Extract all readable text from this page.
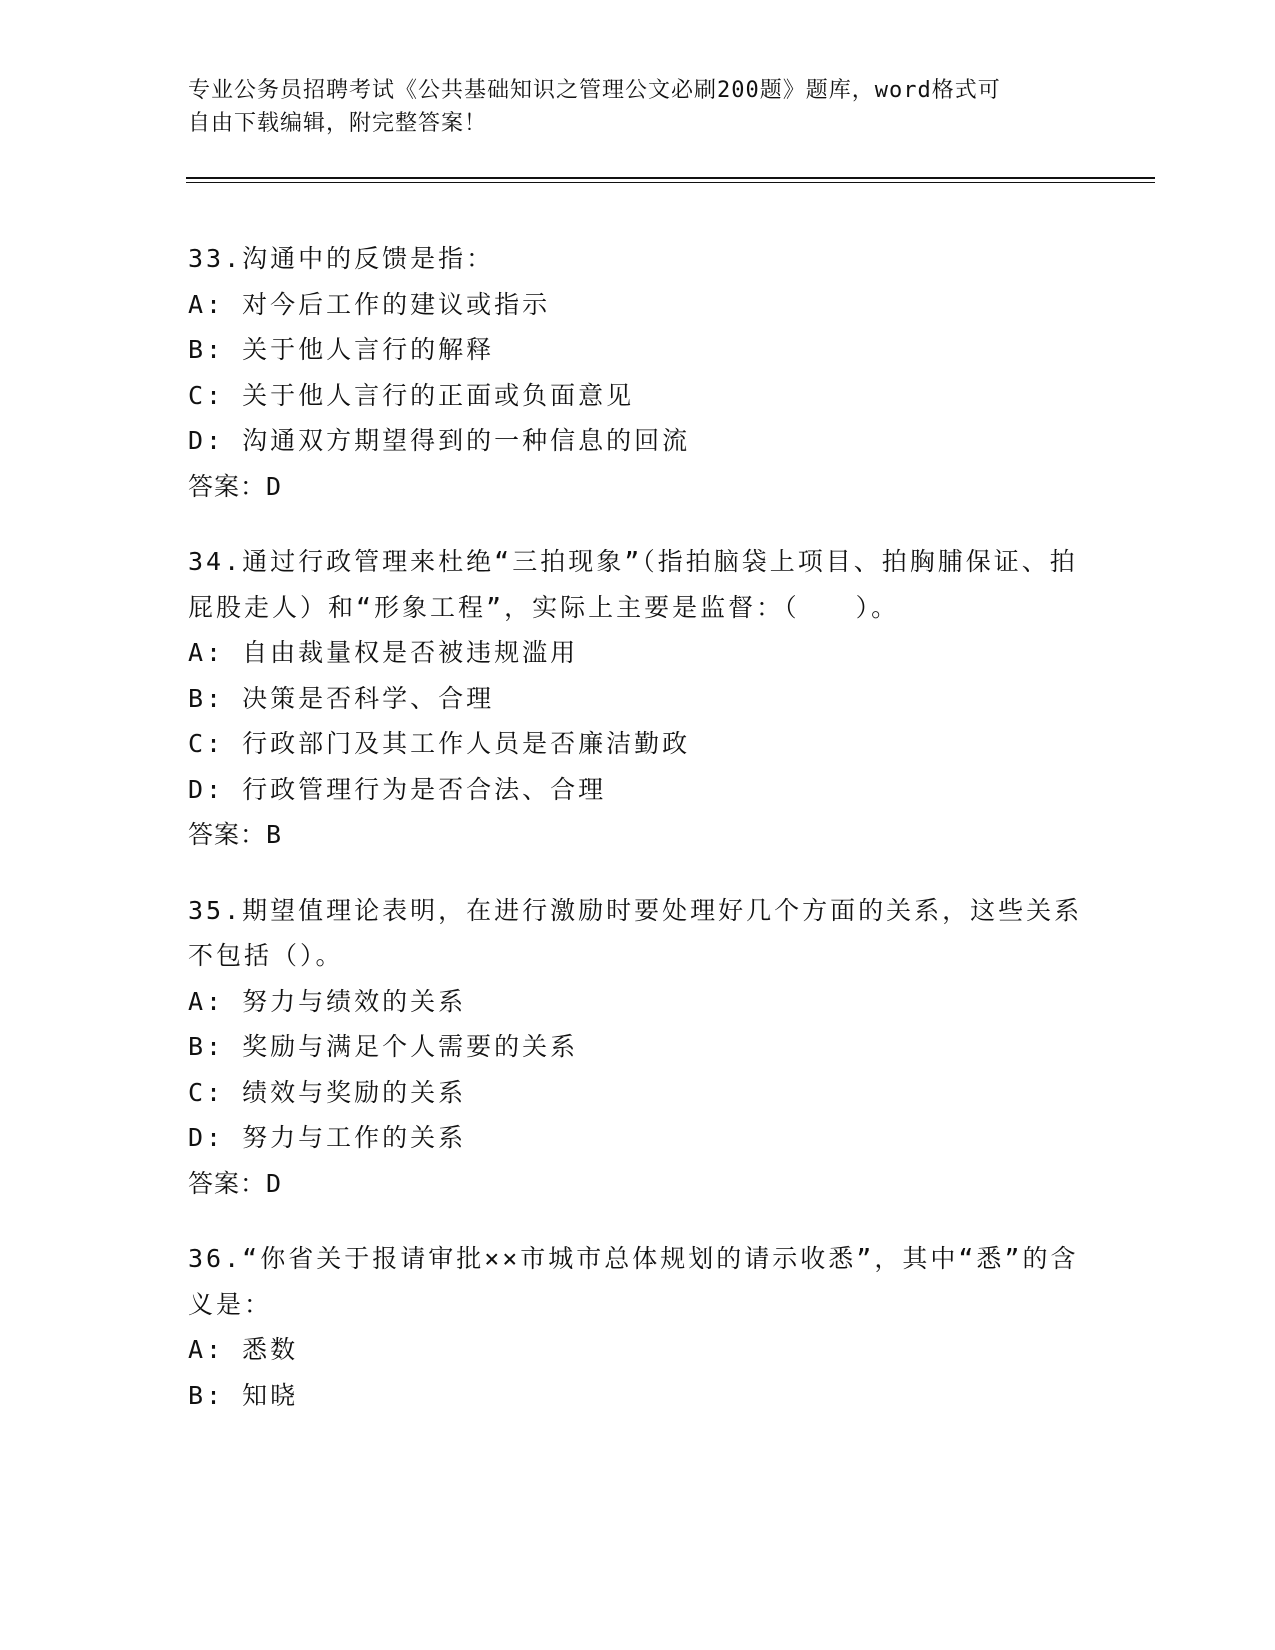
专业公务员招聘考试《公共基础知识之管理公文必刷200题》题库，word格式可
自由下载编辑，附完整答案！
33.沟通中的反馈是指：
A: 对今后工作的建议或指示
B: 关于他人言行的解释
C: 关于他人言行的正面或负面意见
D: 沟通双方期望得到的一种信息的回流
答案：D
34.通过行政管理来杜绝“三拍现象”（指拍脑袋上项目、拍胸脯保证、拍屁股走人）和“形象工程”，实际上主要是监督：（　　）。
A: 自由裁量权是否被违规滥用
B: 决策是否科学、合理
C: 行政部门及其工作人员是否廉洁勤政
D: 行政管理行为是否合法、合理
答案：B
35.期望值理论表明，在进行激励时要处理好几个方面的关系，这些关系不包括（）。
A: 努力与绩效的关系
B: 奖励与满足个人需要的关系
C: 绩效与奖励的关系
D: 努力与工作的关系
答案：D
36.“你省关于报请审批××市城市总体规划的请示收悉”，其中“悉”的含义是：
A: 悉数
B: 知晓
